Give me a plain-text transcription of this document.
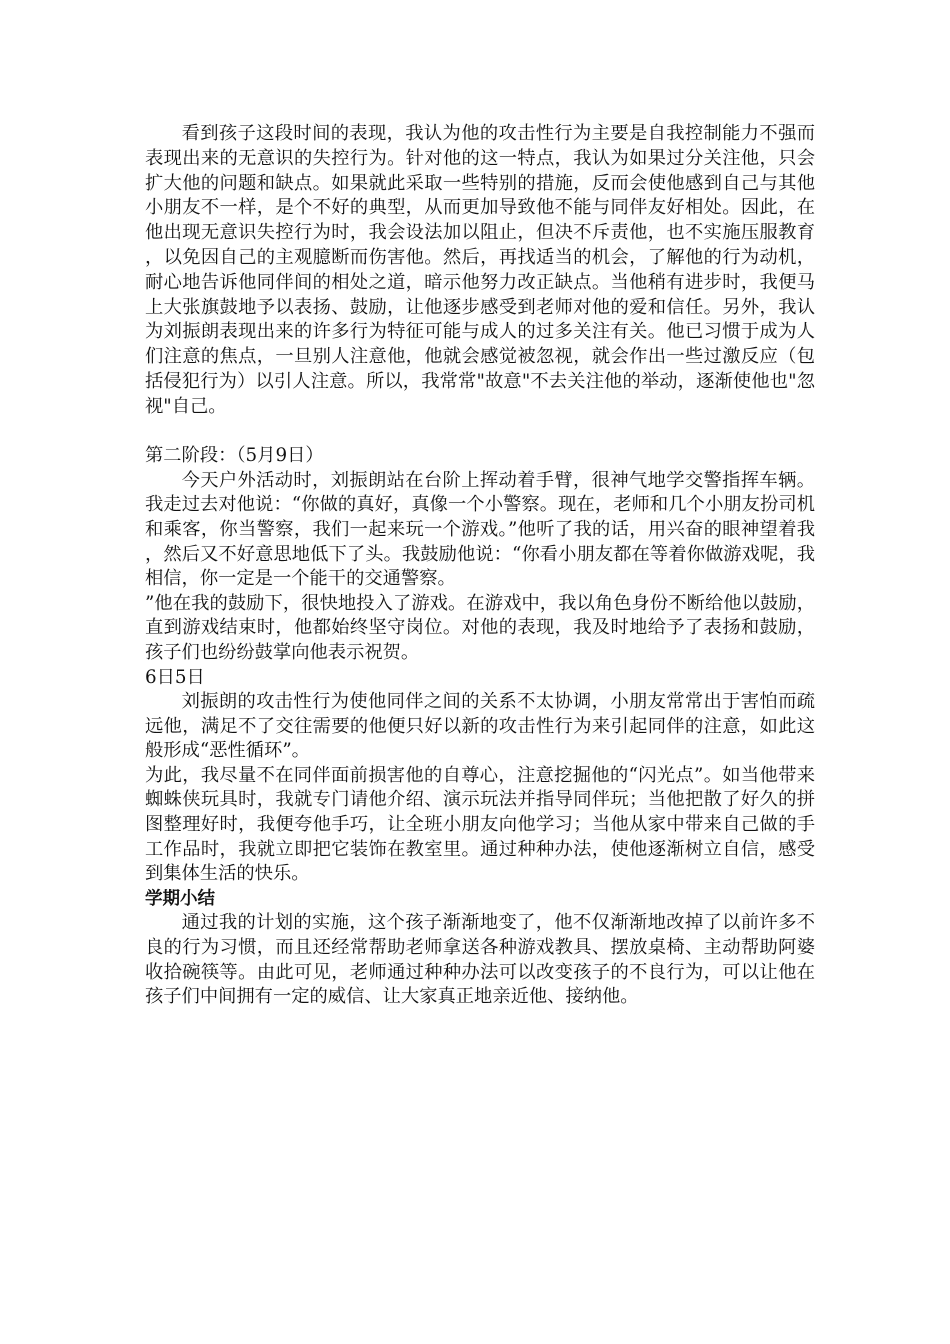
看到孩子这段时间的表现，我认为他的攻击性行为主要是自我控制能力不强而表现出来的无意识的失控行为。针对他的这一特点，我认为如果过分关注他，只会扩大他的问题和缺点。如果就此采取一些特别的措施，反而会使他感到自己与其他小朋友不一样，是个不好的典型，从而更加导致他不能与同伴友好相处。因此，在他出现无意识失控行为时，我会设法加以阻止，但决不斥责他，也不实施压服教育，以免因自己的主观臆断而伤害他。然后，再找适当的机会，了解他的行为动机，耐心地告诉他同伴间的相处之道，暗示他努力改正缺点。当他稍有进步时，我便马上大张旗鼓地予以表扬、鼓励，让他逐步感受到老师对他的爱和信任。另外，我认为刘振朗表现出来的许多行为特征可能与成人的过多关注有关。他已习惯于成为人们注意的焦点，一旦别人注意他，他就会感觉被忽视，就会作出一些过激反应（包括侵犯行为）以引人注意。所以，我常常"故意"不去关注他的举动，逐渐使他也"忽视"自己。

第二阶段：（5月9日）

今天户外活动时，刘振朗站在台阶上挥动着手臂，很神气地学交警指挥车辆。我走过去对他说：“你做的真好，真像一个小警察。现在，老师和几个小朋友扮司机和乘客，你当警察，我们一起来玩一个游戏。”他听了我的话，用兴奋的眼神望着我，然后又不好意思地低下了头。我鼓励他说：“你看小朋友都在等着你做游戏呢，我相信，你一定是一个能干的交通警察。

”他在我的鼓励下，很快地投入了游戏。在游戏中，我以角色身份不断给他以鼓励，直到游戏结束时，他都始终坚守岗位。对他的表现，我及时地给予了表扬和鼓励，孩子们也纷纷鼓掌向他表示祝贺。

6日5日

刘振朗的攻击性行为使他同伴之间的关系不太协调，小朋友常常出于害怕而疏远他，满足不了交往需要的他便只好以新的攻击性行为来引起同伴的注意，如此这般形成“恶性循环”。

为此，我尽量不在同伴面前损害他的自尊心，注意挖掘他的“闪光点”。如当他带来蜘蛛侠玩具时，我就专门请他介绍、演示玩法并指导同伴玩；当他把散了好久的拼图整理好时，我便夸他手巧，让全班小朋友向他学习；当他从家中带来自己做的手工作品时，我就立即把它装饰在教室里。通过种种办法，使他逐渐树立自信，感受到集体生活的快乐。

学期小结

通过我的计划的实施，这个孩子渐渐地变了，他不仅渐渐地改掉了以前许多不良的行为习惯，而且还经常帮助老师拿送各种游戏教具、摆放桌椅、主动帮助阿婆收拾碗筷等。由此可见，老师通过种种办法可以改变孩子的不良行为，可以让他在孩子们中间拥有一定的威信、让大家真正地亲近他、接纳他。
